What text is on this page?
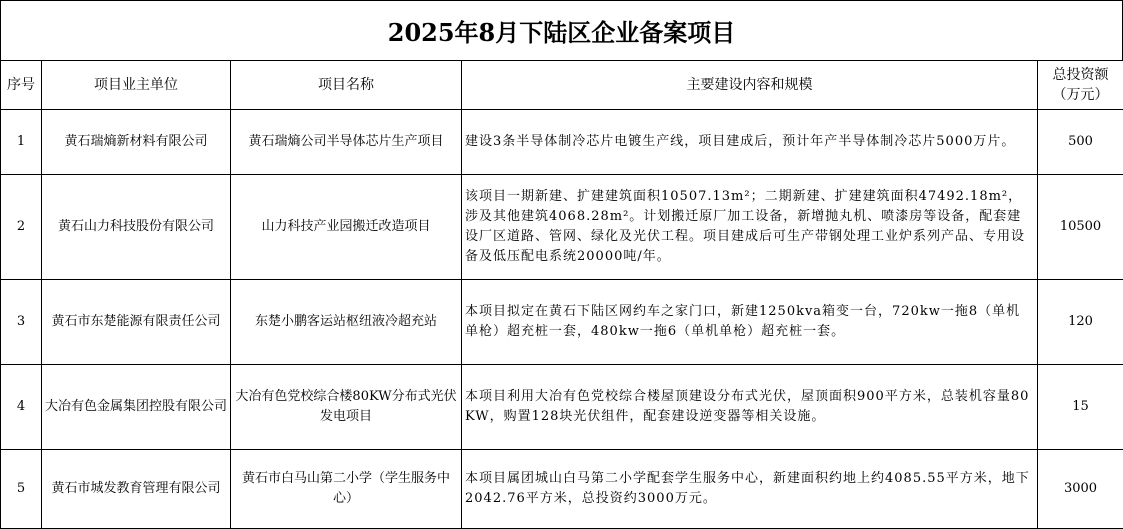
2025年8月下陆区企业备案项目
序号	项目业主单位	项目名称	主要建设内容和规模	总投资额（万元）
1	黄石瑞熵新材料有限公司	黄石瑞熵公司半导体芯片生产项目	建设3条半导体制冷芯片电镀生产线，项目建成后，预计年产半导体制冷芯片5000万片。	500
2	黄石山力科技股份有限公司	山力科技产业园搬迁改造项目	该项目一期新建、扩建建筑面积10507.13m²；二期新建、扩建建筑面积47492.18m²，涉及其他建筑4068.28m²。计划搬迁原厂加工设备，新增抛丸机、喷漆房等设备，配套建设厂区道路、管网、绿化及光伏工程。项目建成后可生产带钢处理工业炉系列产品、专用设备及低压配电系统20000吨/年。	10500
3	黄石市东楚能源有限责任公司	东楚小鹏客运站枢纽液冷超充站	本项目拟定在黄石下陆区网约车之家门口，新建1250kva箱变一台，720kw一拖8（单机单枪）超充桩一套，480kw一拖6（单机单枪）超充桩一套。	120
4	大冶有色金属集团控股有限公司	大冶有色党校综合楼80KW分布式光伏发电项目	本项目利用大冶有色党校综合楼屋顶建设分布式光伏，屋顶面积900平方米，总装机容量80KW，购置128块光伏组件，配套建设逆变器等相关设施。	15
5	黄石市城发教育管理有限公司	黄石市白马山第二小学（学生服务中心）	本项目属团城山白马第二小学配套学生服务中心，新建面积约地上约4085.55平方米，地下2042.76平方米，总投资约3000万元。	3000
